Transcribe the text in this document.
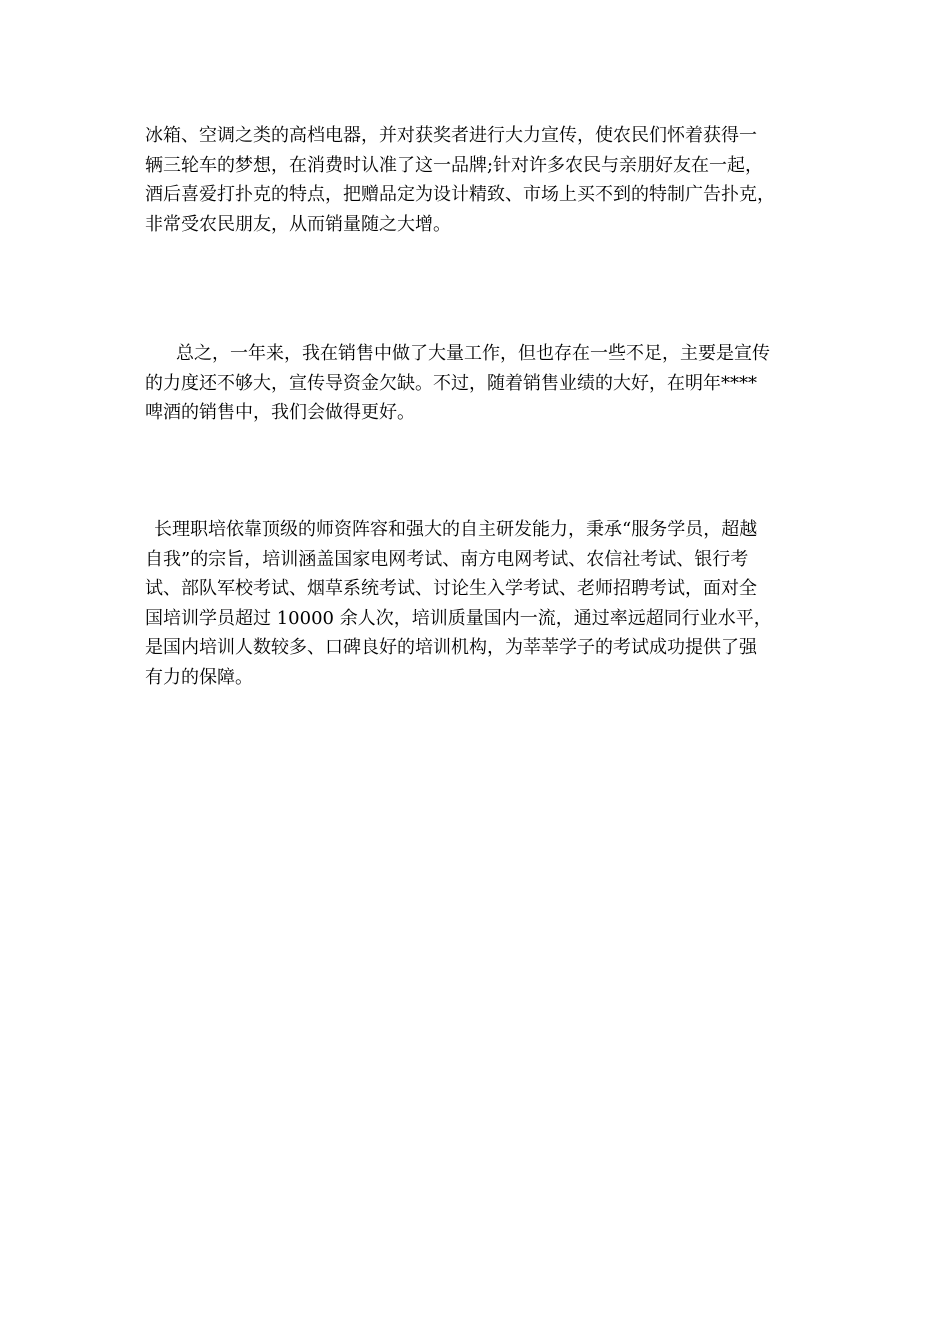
冰箱、空调之类的高档电器，并对获奖者进行大力宣传，使农民们怀着获得一
辆三轮车的梦想，在消费时认准了这一品牌;针对许多农民与亲朋好友在一起，
酒后喜爱打扑克的特点，把赠品定为设计精致、市场上买不到的特制广告扑克，
非常受农民朋友，从而销量随之大增。
总之，一年来，我在销售中做了大量工作，但也存在一些不足，主要是宣传
的力度还不够大，宣传导资金欠缺。不过，随着销售业绩的大好，在明年****
啤酒的销售中，我们会做得更好。
长理职培依靠顶级的师资阵容和强大的自主研发能力，秉承“服务学员，超越
自我”的宗旨，培训涵盖国家电网考试、南方电网考试、农信社考试、银行考
试、部队军校考试、烟草系统考试、讨论生入学考试、老师招聘考试，面对全
国培训学员超过 10000 余人次，培训质量国内一流，通过率远超同行业水平，
是国内培训人数较多、口碑良好的培训机构，为莘莘学子的考试成功提供了强
有力的保障。
